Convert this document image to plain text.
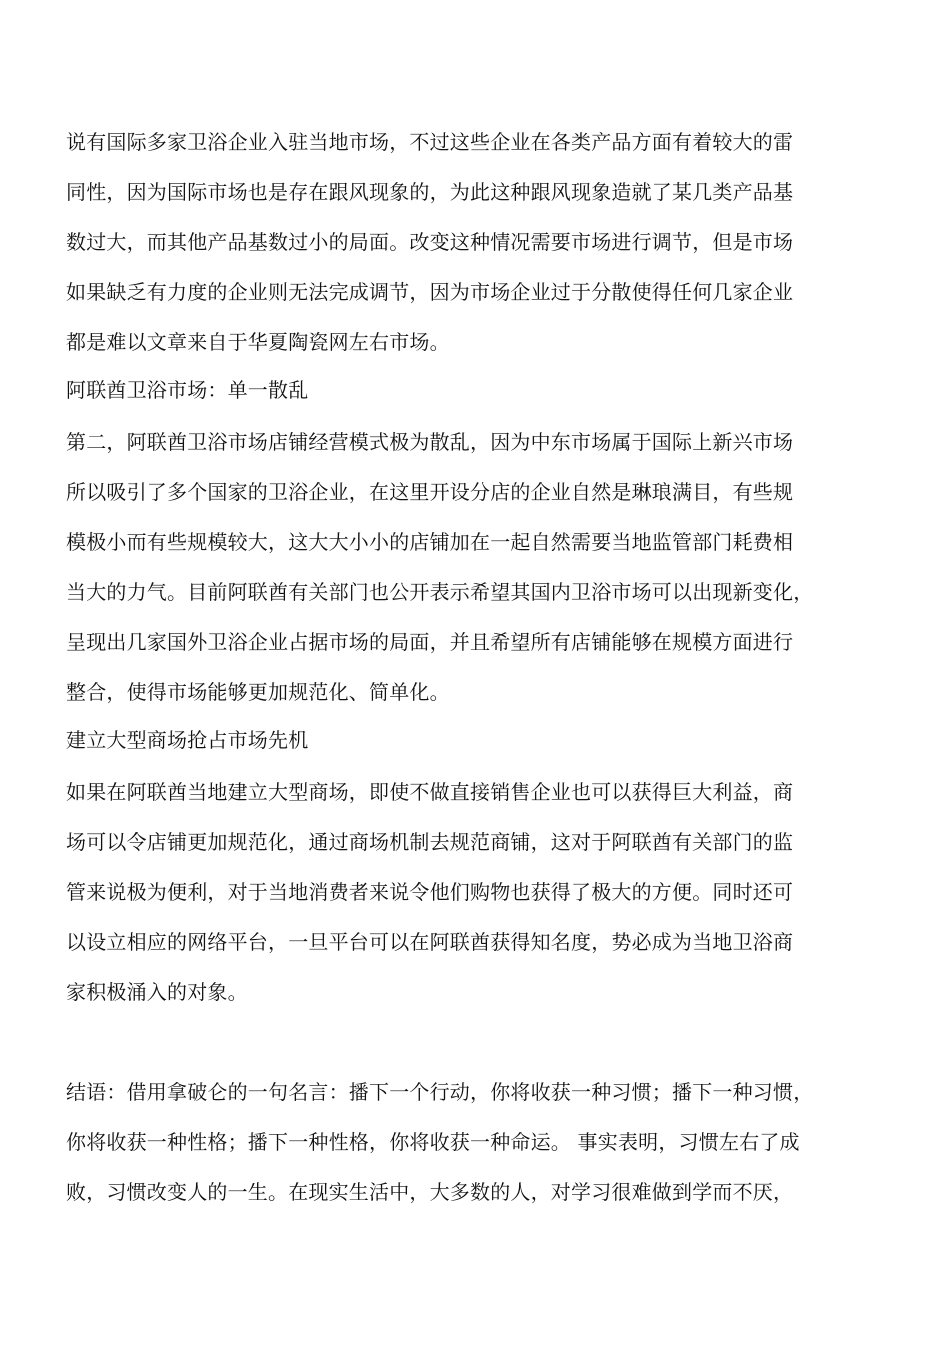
说有国际多家卫浴企业入驻当地市场，不过这些企业在各类产品方面有着较大的雷
同性，因为国际市场也是存在跟风现象的，为此这种跟风现象造就了某几类产品基
数过大，而其他产品基数过小的局面。改变这种情况需要市场进行调节，但是市场
如果缺乏有力度的企业则无法完成调节，因为市场企业过于分散使得任何几家企业
都是难以文章来自于华夏陶瓷网左右市场。
阿联酋卫浴市场：单一散乱
第二，阿联酋卫浴市场店铺经营模式极为散乱，因为中东市场属于国际上新兴市场
所以吸引了多个国家的卫浴企业，在这里开设分店的企业自然是琳琅满目，有些规
模极小而有些规模较大，这大大小小的店铺加在一起自然需要当地监管部门耗费相
当大的力气。目前阿联酋有关部门也公开表示希望其国内卫浴市场可以出现新变化，
呈现出几家国外卫浴企业占据市场的局面，并且希望所有店铺能够在规模方面进行
整合，使得市场能够更加规范化、简单化。
建立大型商场抢占市场先机
如果在阿联酋当地建立大型商场，即使不做直接销售企业也可以获得巨大利益，商
场可以令店铺更加规范化，通过商场机制去规范商铺，这对于阿联酋有关部门的监
管来说极为便利，对于当地消费者来说令他们购物也获得了极大的方便。同时还可
以设立相应的网络平台，一旦平台可以在阿联酋获得知名度，势必成为当地卫浴商
家积极涌入的对象。
结语：借用拿破仑的一句名言：播下一个行动，你将收获一种习惯；播下一种习惯，
你将收获一种性格；播下一种性格，你将收获一种命运。 事实表明，习惯左右了成
败，习惯改变人的一生。在现实生活中，大多数的人，对学习很难做到学而不厌，
